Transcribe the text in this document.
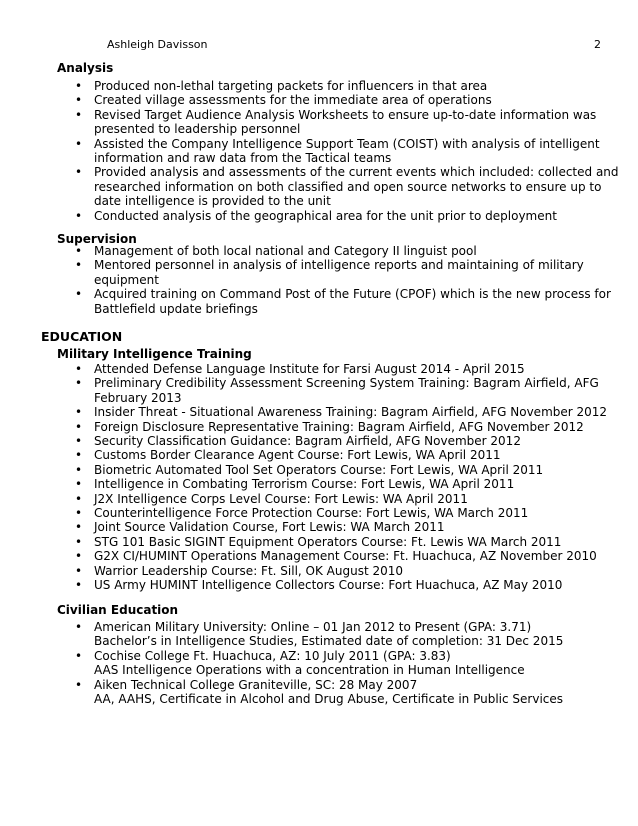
Ashleigh Davisson	2
Analysis
• Produced non-lethal targeting packets for influencers in that area
• Created village assessments for the immediate area of operations
• Revised Target Audience Analysis Worksheets to ensure up-to-date information was
presented to leadership personnel
• Assisted the Company Intelligence Support Team (COIST) with analysis of intelligent
information and raw data from the Tactical teams
• Provided analysis and assessments of the current events which included: collected and
researched information on both classified and open source networks to ensure up to
date intelligence is provided to the unit
• Conducted analysis of the geographical area for the unit prior to deployment
Supervision
• Management of both local national and Category II linguist pool
• Mentored personnel in analysis of intelligence reports and maintaining of military
equipment
• Acquired training on Command Post of the Future (CPOF) which is the new process for
Battlefield update briefings
EDUCATION
Military Intelligence Training
• Attended Defense Language Institute for Farsi August 2014 - April 2015
• Preliminary Credibility Assessment Screening System Training: Bagram Airfield, AFG
February 2013
• Insider Threat - Situational Awareness Training: Bagram Airfield, AFG November 2012
• Foreign Disclosure Representative Training: Bagram Airfield, AFG November 2012
• Security Classification Guidance: Bagram Airfield, AFG November 2012
• Customs Border Clearance Agent Course: Fort Lewis, WA April 2011
• Biometric Automated Tool Set Operators Course: Fort Lewis, WA April 2011
• Intelligence in Combating Terrorism Course: Fort Lewis, WA April 2011
• J2X Intelligence Corps Level Course: Fort Lewis: WA April 2011
• Counterintelligence Force Protection Course: Fort Lewis, WA March 2011
• Joint Source Validation Course, Fort Lewis: WA March 2011
• STG 101 Basic SIGINT Equipment Operators Course: Ft. Lewis WA March 2011
• G2X CI/HUMINT Operations Management Course: Ft. Huachuca, AZ November 2010
• Warrior Leadership Course: Ft. Sill, OK August 2010
• US Army HUMINT Intelligence Collectors Course: Fort Huachuca, AZ May 2010
Civilian Education
• American Military University: Online – 01 Jan 2012 to Present (GPA: 3.71)
Bachelor’s in Intelligence Studies, Estimated date of completion: 31 Dec 2015
• Cochise College Ft. Huachuca, AZ: 10 July 2011 (GPA: 3.83)
AAS Intelligence Operations with a concentration in Human Intelligence
• Aiken Technical College Graniteville, SC: 28 May 2007
AA, AAHS, Certificate in Alcohol and Drug Abuse, Certificate in Public Services
